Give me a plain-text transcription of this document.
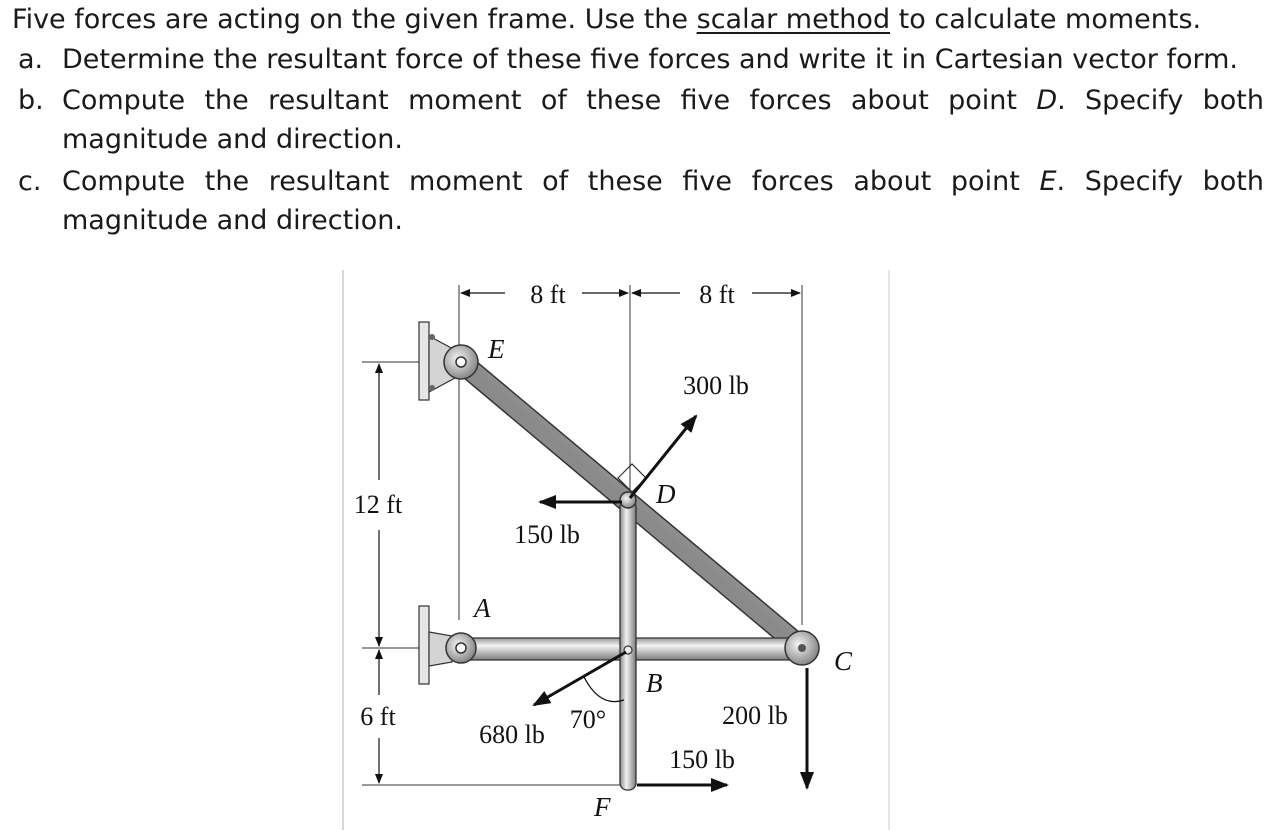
Five forces are acting on the given frame. Use the scalar method to calculate moments.
a. Determine the resultant force of these five forces and write it in Cartesian vector form.
b. Compute the resultant moment of these five forces about point D. Specify both
magnitude and direction.
c. Compute the resultant moment of these five forces about point E. Specify both
magnitude and direction.
8 ft	8 ft
12 ft
6 ft
E
A
B
C
D
F
300 lb
150 lb
680 lb
70°	200 lb
150 lb
